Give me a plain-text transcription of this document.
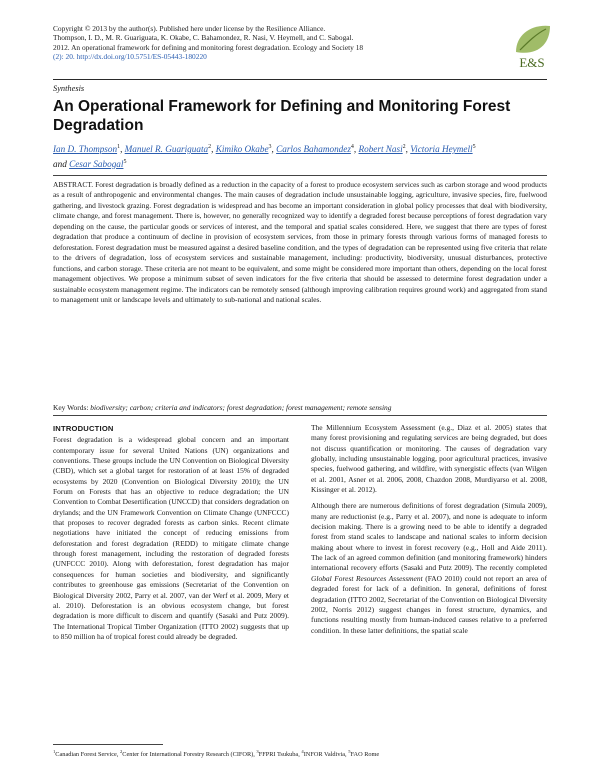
Copyright © 2013 by the author(s). Published here under license by the Resilience Alliance.
Thompson, I. D., M. R. Guariguata, K. Okabe, C. Bahamondez, R. Nasi, V. Heymell, and C. Sabogal.
2012. An operational framework for defining and monitoring forest degradation. Ecology and Society 18
(2): 20. http://dx.doi.org/10.5751/ES-05443-180220	E&S
Synthesis
An Operational Framework for Defining and Monitoring Forest
Degradation
Ian D. Thompson$^1$, Manuel R. Guariguata$^2$, Kimiko Okabe$^3$, Carlos Bahamondez$^4$, Robert Nasi$^2$, Victoria Heymell$^5$
and Cesar Sabogal$^5$
ABSTRACT. Forest degradation is broadly defined as a reduction in the capacity of a forest to produce ecosystem services such as carbon storage and wood products as a result of anthropogenic and environmental changes. The main causes of degradation include unsustainable logging, agriculture, invasive species, fire, fuelwood gathering, and livestock grazing. Forest degradation is widespread and has become an important consideration in global policy processes that deal with biodiversity, climate change, and forest management. There is, however, no generally recognized way to identify a degraded forest because perceptions of forest degradation vary depending on the cause, the particular goods or services of interest, and the temporal and spatial scales considered. Here, we suggest that there are types of forest degradation that produce a continuum of decline in provision of ecosystem services, from those in primary forests through various forms of managed forests to deforestation. Forest degradation must be measured against a desired baseline condition, and the types of degradation can be represented using five criteria that relate to the drivers of degradation, loss of ecosystem services and sustainable management, including: productivity, biodiversity, unusual disturbances, protective functions, and carbon storage. These criteria are not meant to be equivalent, and some might be considered more important than others, depending on the local forest management objectives. We propose a minimum subset of seven indicators for the five criteria that should be assessed to determine forest degradation under a sustainable ecosystem management regime. The indicators can be remotely sensed (although improving calibration requires ground work) and aggregated from stand to management unit or landscape levels and ultimately to sub-national and national scales.
Key Words: biodiversity; carbon; criteria and indicators; forest degradation; forest management; remote sensing
INTRODUCTION

Forest degradation is a widespread global concern and an important contemporary issue for several United Nations (UN) organizations and conventions. These groups include the UN Convention on Biological Diversity (CBD), which set a global target for restoration of at least 15% of degraded ecosystems by 2020 (Convention on Biological Diversity 2010); the UN Forum on Forests that has an objective to reduce degradation; the UN Convention to Combat Desertification (UNCCD) that considers degradation on drylands; and the UN Framework Convention on Climate Change (UNFCCC) that proposes to recover degraded forests as carbon sinks. Recent climate negotiations have initiated the concept of reducing emissions from deforestation and forest degradation (REDD) to mitigate climate change through forest management, including the restoration of degraded forests (UNFCCC 2010). Along with deforestation, forest degradation has major consequences for human societies and biodiversity, and significantly contributes to greenhouse gas emissions (Secretariat of the Convention on Biological Diversity 2002, Parry et al. 2007, van der Werf et al. 2009, Mery et al. 2010). Deforestation is an obvious ecosystem change, but forest degradation is more difficult to discern and quantify (Sasaki and Putz 2009). The International Tropical Timber Organization (ITTO 2002) suggests that up to 850 million ha of tropical forest could already be degraded.

The Millennium Ecosystem Assessment (e.g., Diaz et al. 2005) states that many forest provisioning and regulating services are being degraded, but does not discuss quantification or monitoring. The causes of degradation vary globally, including unsustainable logging, poor agricultural practices, invasive species, fuelwood gathering, and wildfire, with synergistic effects (van Wilgen et al. 2001, Asner et al. 2006, 2008, Chazdon 2008, Murdiyarso et al. 2008, Kissinger et al. 2012).

Although there are numerous definitions of forest degradation (Simula 2009), many are reductionist (e.g., Parry et al. 2007), and none is adequate to inform decision making. There is a growing need to be able to identify a degraded forest from stand scales to landscape and national scales to inform decision making about where to invest in forest recovery (e.g., Holl and Aide 2011). The lack of an agreed common definition (and monitoring framework) hinders international recovery efforts (Sasaki and Putz 2009). The recently completed Global Forest Resources Assessment (FAO 2010) could not report an area of degraded forest for lack of a definition. In general, definitions of forest degradation (ITTO 2002, Secretariat of the Convention on Biological Diversity 2002, Norris 2012) suggest changes in forest structure, dynamics, and functions resulting mostly from human-induced causes relative to a preferred condition. In these latter definitions, the spatial scale

$^1$Canadian Forest Service, $^2$Center for International Forestry Research (CIFOR), $^3$FFPRI Tsukuba, $^4$INFOR Valdivia, $^5$FAO Rome
